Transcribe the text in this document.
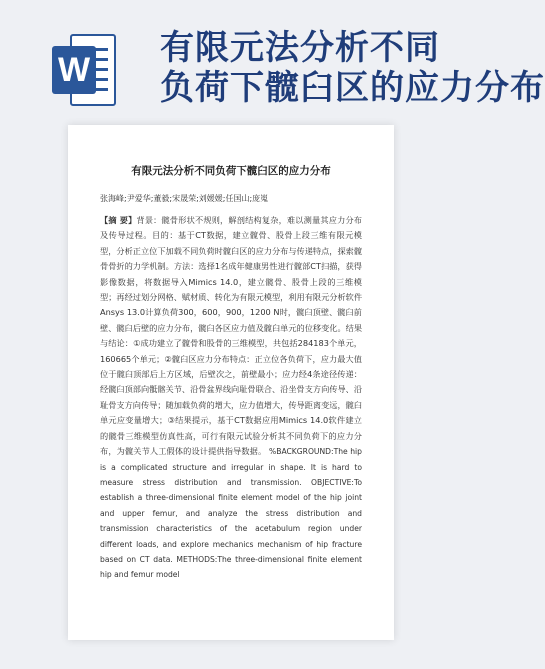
W
有限元法分析不同
负荷下髋臼区的应力分布
有限元法分析不同负荷下髋臼区的应力分布
张海峰;尹爱华;董毅;宋晟荣;刘媛媛;任国山;庞嵬

【摘 要】背景：髋骨形状不规则，解剖结构复杂，难以测量其应力分布及传导过程。目的：基于CT数据，建立髋骨、股骨上段三维有限元模型，分析正立位下加载不同负荷时髋臼区的应力分布与传递特点，探索髋骨骨折的力学机制。方法：选择1名成年健康男性进行髋部CT扫描，获得影像数据，将数据导入Mimics 14.0，建立髋骨、股骨上段的三维模型；再经过划分网格、赋材质、转化为有限元模型，利用有限元分析软件Ansys 13.0计算负荷300，600，900，1200 N时，髋臼顶壁、髋臼前壁、髋臼后壁的应力分布，髋臼各区应力值及髋臼单元的位移变化。结果与结论：①成功建立了髋骨和股骨的三维模型，共包括284183个单元，160665个单元；②髋臼区应力分布特点：正立位各负荷下，应力最大值位于髋臼顶部后上方区域，后壁次之，前壁最小；应力经4条途径传递：经髋臼顶部向骶髂关节、沿骨盆界线向耻骨联合、沿坐骨支方向传导、沿耻骨支方向传导；随加载负荷的增大，应力值增大，传导距离变远，髋臼单元应变量增大；③结果提示，基于CT数据应用Mimics 14.0软件建立的髋骨三维模型仿真性高，可行有限元试验分析其不同负荷下的应力分布，为髋关节人工假体的设计提供指导数据。 %BACKGROUND:The hip is a complicated structure and irregular in shape. It is hard to measure stress distribution and transmission. OBJECTIVE:To establish a three-dimensional finite element model of the hip joint and upper femur, and analyze the stress distribution and transmission characteristics of the acetabulum region under different loads, and explore mechanics mechanism of hip fracture based on CT data. METHODS:The three-dimensional finite element hip and femur model
